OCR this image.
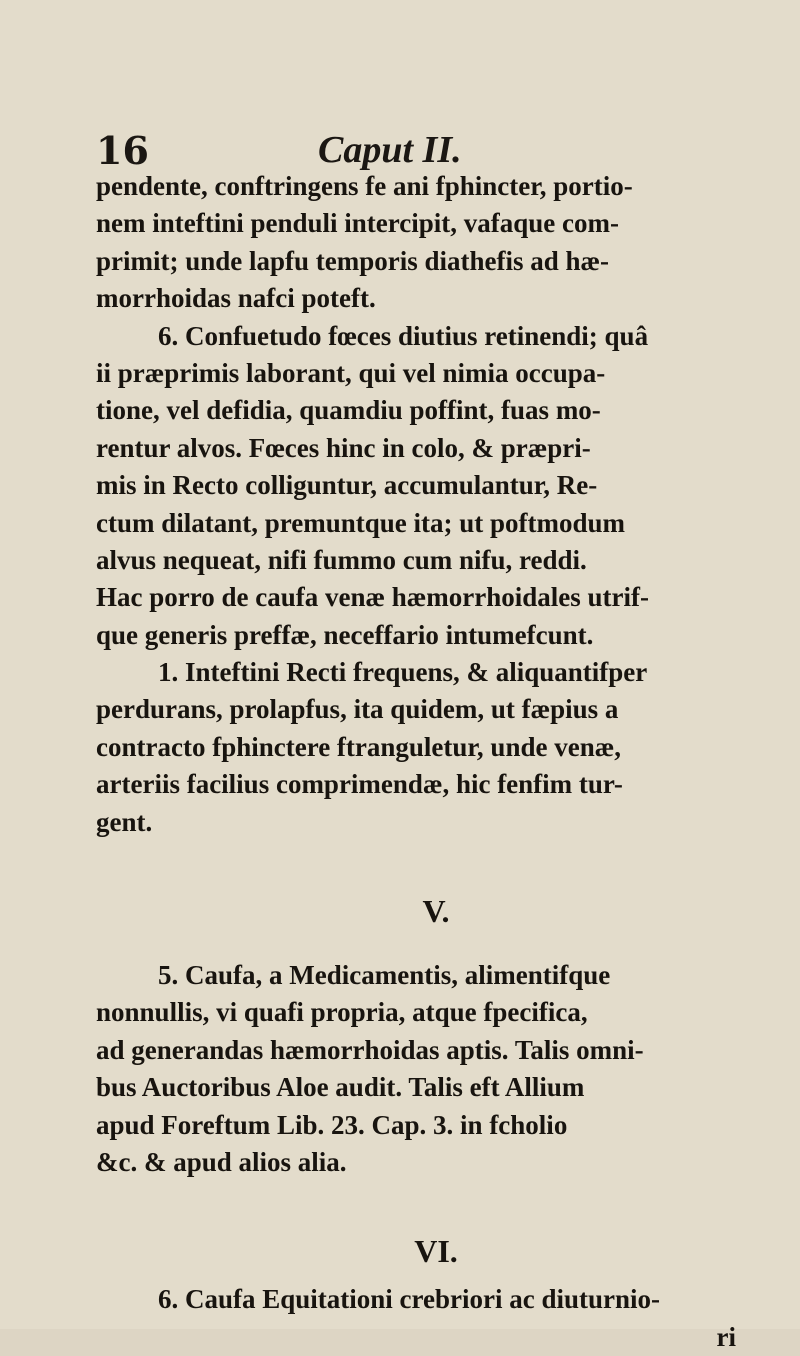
16	Caput II.
pendente, conftringens fe ani fphincter, portio-
nem inteftini penduli intercipit, vafaque com-
primit; unde lapfu temporis diathefis ad hæ-
morrhoidas nafci poteft.
6. Confuetudo fœces diutius retinendi; quâ
ii præprimis laborant, qui vel nimia occupa-
tione, vel defidia, quamdiu poffint, fuas mo-
rentur alvos. Fœces hinc in colo, & præpri-
mis in Recto colliguntur, accumulantur, Re-
ctum dilatant, premuntque ita; ut poftmodum
alvus nequeat, nifi fummo cum nifu, reddi.
Hac porro de caufa venæ hæmorrhoidales utrif-
que generis preffæ, neceffario intumefcunt.
1. Inteftini Recti frequens, & aliquantifper
perdurans, prolapfus, ita quidem, ut fæpius a
contracto fphinctere ftranguletur, unde venæ,
arteriis facilius comprimendæ, hic fenfim tur-
gent.
V.
5. Caufa, a Medicamentis, alimentifque
nonnullis, vi quafi propria, atque fpecifica,
ad generandas hæmorrhoidas aptis. Talis omni-
bus Auctoribus Aloe audit. Talis eft Allium
apud Foreftum Lib. 23. Cap. 3. in fcholio
&c. & apud alios alia.
VI.
6. Caufa Equitationi crebriori ac diuturnio-
ri
